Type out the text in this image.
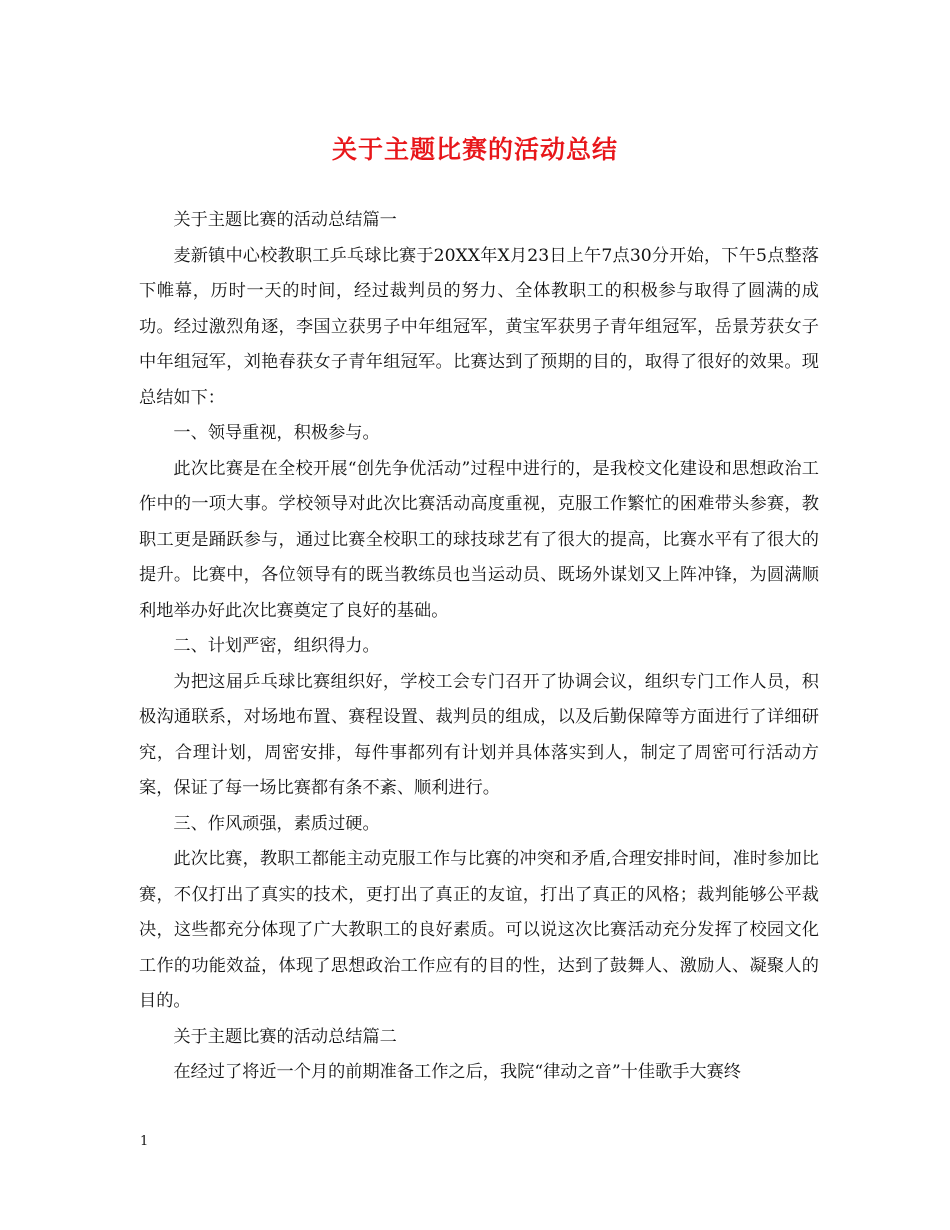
关于主题比赛的活动总结

关于主题比赛的活动总结篇一

麦新镇中心校教职工乒乓球比赛于20XX年X月23日上午7点30分开始，下午5点整落下帷幕，历时一天的时间，经过裁判员的努力、全体教职工的积极参与取得了圆满的成功。经过激烈角逐，李国立获男子中年组冠军，黄宝军获男子青年组冠军，岳景芳获女子中年组冠军，刘艳春获女子青年组冠军。比赛达到了预期的目的，取得了很好的效果。现总结如下：

一、领导重视，积极参与。

此次比赛是在全校开展“创先争优活动”过程中进行的，是我校文化建设和思想政治工作中的一项大事。学校领导对此次比赛活动高度重视，克服工作繁忙的困难带头参赛，教职工更是踊跃参与，通过比赛全校职工的球技球艺有了很大的提高，比赛水平有了很大的提升。比赛中，各位领导有的既当教练员也当运动员、既场外谋划又上阵冲锋，为圆满顺利地举办好此次比赛奠定了良好的基础。

二、计划严密，组织得力。

为把这届乒乓球比赛组织好，学校工会专门召开了协调会议，组织专门工作人员，积极沟通联系，对场地布置、赛程设置、裁判员的组成，以及后勤保障等方面进行了详细研究，合理计划，周密安排，每件事都列有计划并具体落实到人，制定了周密可行活动方案，保证了每一场比赛都有条不紊、顺利进行。

三、作风顽强，素质过硬。

此次比赛，教职工都能主动克服工作与比赛的冲突和矛盾,合理安排时间，准时参加比赛，不仅打出了真实的技术，更打出了真正的友谊，打出了真正的风格；裁判能够公平裁决，这些都充分体现了广大教职工的良好素质。可以说这次比赛活动充分发挥了校园文化工作的功能效益，体现了思想政治工作应有的目的性，达到了鼓舞人、激励人、凝聚人的目的。

关于主题比赛的活动总结篇二

在经过了将近一个月的前期准备工作之后，我院“律动之音”十佳歌手大赛终

1
